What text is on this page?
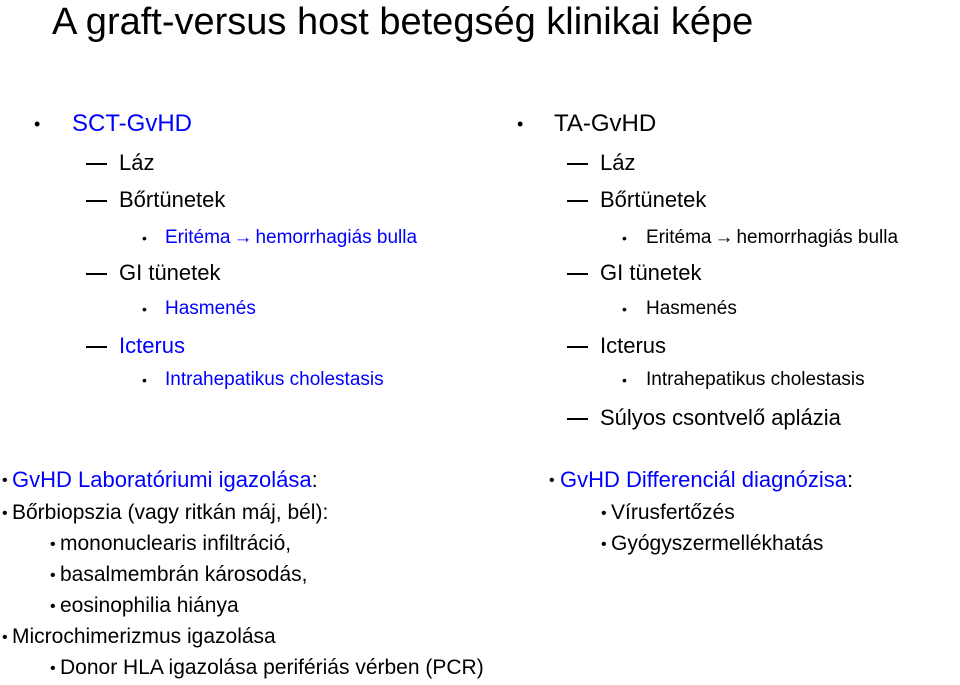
A graft-versus host betegség klinikai képe
• SCT-GvHD
Láz
Bőrtünetek
• Eritéma → hemorrhagiás bulla
GI tünetek
• Hasmenés
Icterus
• Intrahepatikus cholestasis
• TA-GvHD
Láz
Bőrtünetek
• Eritéma → hemorrhagiás bulla
GI tünetek
• Hasmenés
Icterus
• Intrahepatikus cholestasis
Súlyos csontvelő aplázia
• GvHD Laboratóriumi igazolása:
• Bőrbiopszia (vagy ritkán máj, bél):
• mononuclearis infiltráció,
• basalmembrán károsodás,
• eosinophilia hiánya
• Microchimerizmus igazolása
• Donor HLA igazolása perifériás vérben (PCR)
• GvHD Differenciál diagnózisa:
• Vírusfertőzés
• Gyógyszermellékhatás
